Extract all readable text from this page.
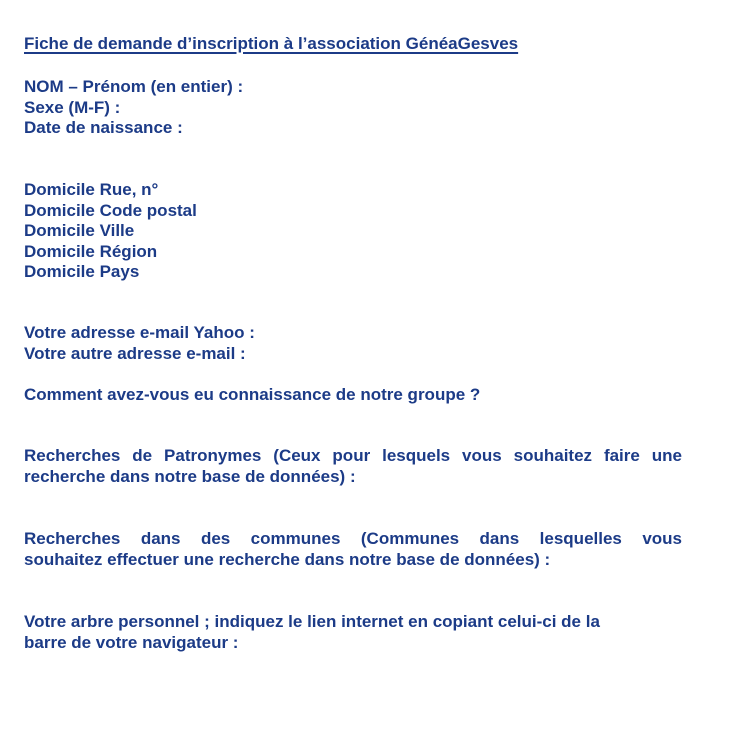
Fiche de demande d’inscription à l’association GénéaGesves
NOM – Prénom (en entier) :
Sexe (M-F) :
Date de naissance :
Domicile Rue, n°
Domicile Code postal
Domicile Ville
Domicile Région
Domicile Pays
Votre adresse e-mail Yahoo :
Votre autre adresse e-mail :
Comment avez-vous eu connaissance de notre groupe ?
Recherches de Patronymes (Ceux pour lesquels vous souhaitez faire une
recherche dans notre base de données) :
Recherches dans des communes (Communes dans lesquelles vous
souhaitez effectuer une recherche dans notre base de données) :
Votre arbre personnel ; indiquez le lien internet en copiant celui-ci de la
barre de votre navigateur :
